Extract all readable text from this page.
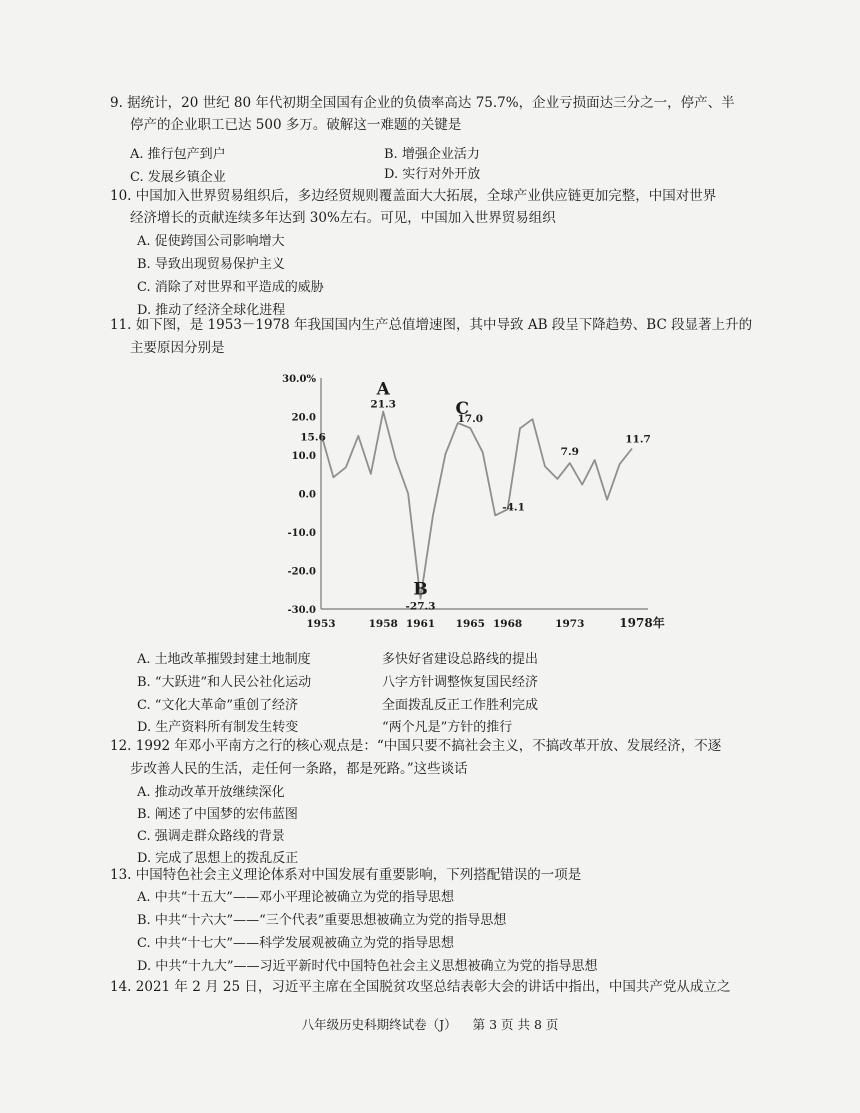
9. 据统计，20 世纪 80 年代初期全国国有企业的负债率高达 75.7%，企业亏损面达三分之一，停产、半
停产的企业职工已达 500 多万。破解这一难题的关键是
A. 推行包产到户	B. 增强企业活力
C. 发展乡镇企业	D. 实行对外开放
10. 中国加入世界贸易组织后，多边经贸规则覆盖面大大拓展，全球产业供应链更加完整，中国对世界
经济增长的贡献连续多年达到 30%左右。可见，中国加入世界贸易组织
A. 促使跨国公司影响增大
B. 导致出现贸易保护主义
C. 消除了对世界和平造成的威胁
D. 推动了经济全球化进程
11. 如下图，是 1953－1978 年我国国内生产总值增速图，其中导致 AB 段呈下降趋势、BC 段显著上升的
主要原因分别是
30.0%
20.0
10.0
0.0
-10.0
-20.0
-30.0
1953	1958 1961 1965 1968	1973	1978年
15.6
21.3
-27.3
17.0
-4.1
7.9
11.7
A
B
C
A. 土地改革摧毁封建土地制度	多快好省建设总路线的提出
B. “大跃进”和人民公社化运动	八字方针调整恢复国民经济
C. “文化大革命”重创了经济	全面拨乱反正工作胜利完成
D. 生产资料所有制发生转变	“两个凡是”方针的推行
12. 1992 年邓小平南方之行的核心观点是：“中国只要不搞社会主义，不搞改革开放、发展经济，不逐
步改善人民的生活，走任何一条路，都是死路。”这些谈话
A. 推动改革开放继续深化
B. 阐述了中国梦的宏伟蓝图
C. 强调走群众路线的背景
D. 完成了思想上的拨乱反正
13. 中国特色社会主义理论体系对中国发展有重要影响，下列搭配错误的一项是
A. 中共“十五大”——邓小平理论被确立为党的指导思想
B. 中共“十六大”——“三个代表”重要思想被确立为党的指导思想
C. 中共“十七大”——科学发展观被确立为党的指导思想
D. 中共“十九大”——习近平新时代中国特色社会主义思想被确立为党的指导思想
14. 2021 年 2 月 25 日，习近平主席在全国脱贫攻坚总结表彰大会的讲话中指出，中国共产党从成立之
八年级历史科期终试卷（J） 第 3 页 共 8 页
